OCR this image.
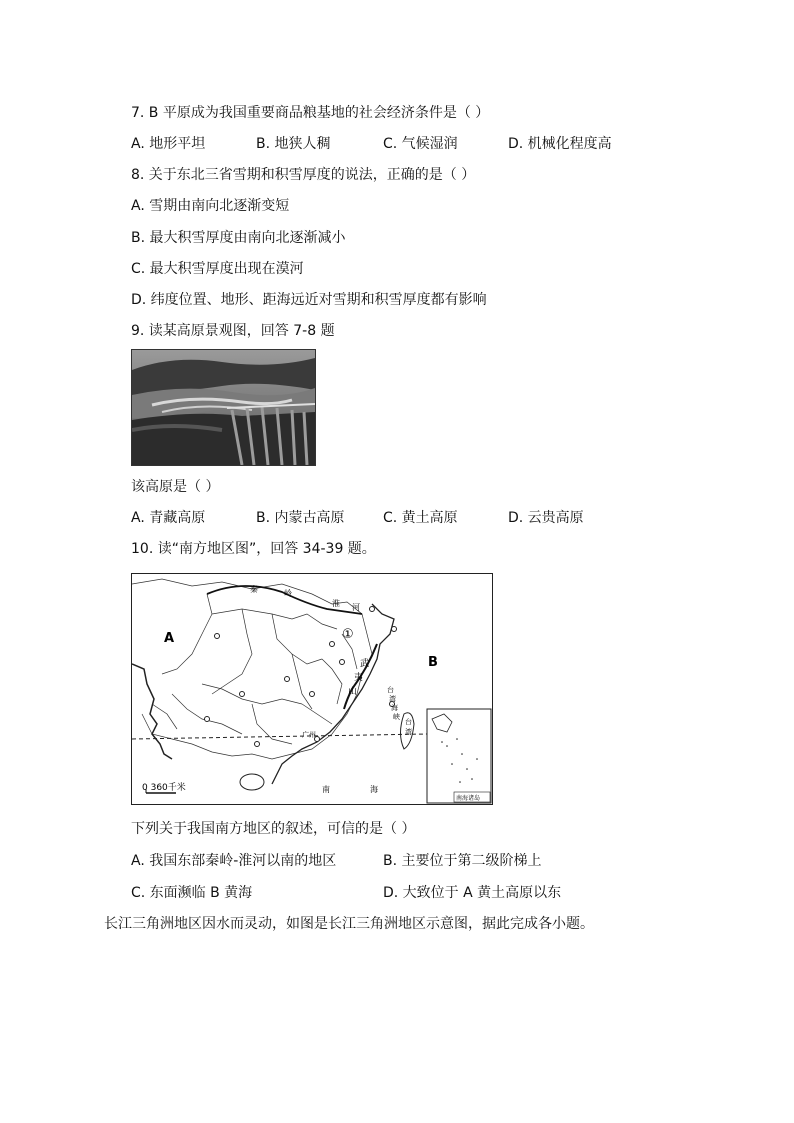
7. B 平原成为我国重要商品粮基地的社会经济条件是（ ）
A. 地形平坦	B. 地狭人稠	C. 气候湿润	D. 机械化程度高
8. 关于东北三省雪期和积雪厚度的说法，正确的是（ ）
A. 雪期由南向北逐渐变短
B. 最大积雪厚度由南向北逐渐减小
C. 最大积雪厚度出现在漠河
D. 纬度位置、地形、距海远近对雪期和积雪厚度都有影响
9. 读某高原景观图，回答 7-8 题
该高原是（ ）
A. 青藏高原	B. 内蒙古高原	C. 黄土高原	D. 云贵高原
10. 读“南方地区图”，回答 34-39 题。
A
B
①
秦	岭
淮 河
武
夷
山	台
湾
海
峡
台
湾
广州
南	海
0 360千米
南海诸岛
下列关于我国南方地区的叙述，可信的是（ ）
A. 我国东部秦岭-淮河以南的地区	B. 主要位于第二级阶梯上
C. 东面濒临 B 黄海	D. 大致位于 A 黄土高原以东
长江三角洲地区因水而灵动，如图是长江三角洲地区示意图，据此完成各小题。
